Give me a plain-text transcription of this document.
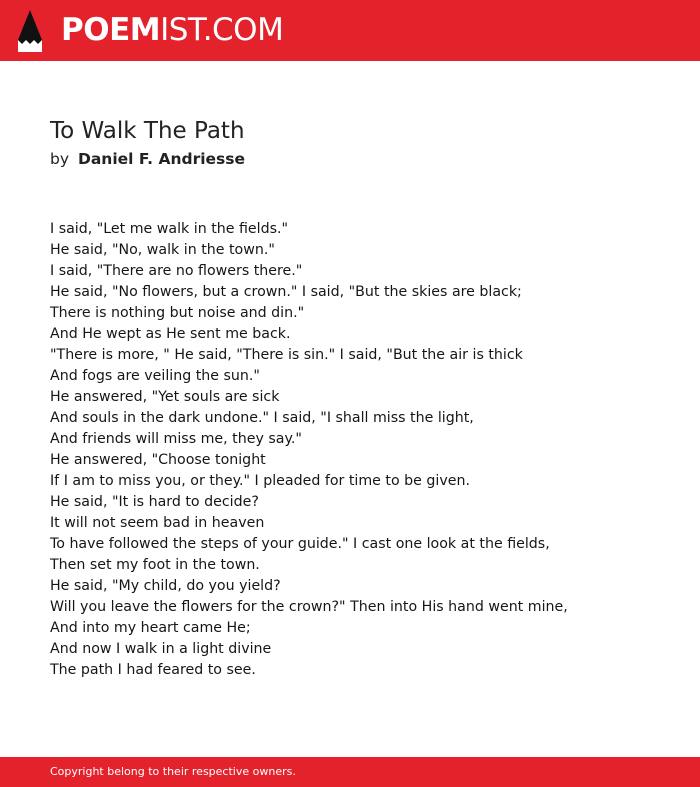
POEMIST.COM
To Walk The Path
by Daniel F. Andriesse
I said, "Let me walk in the fields."
He said, "No, walk in the town."
I said, "There are no flowers there."
He said, "No flowers, but a crown." I said, "But the skies are black;
There is nothing but noise and din."
And He wept as He sent me back.
"There is more, " He said, "There is sin." I said, "But the air is thick
And fogs are veiling the sun."
He answered, "Yet souls are sick
And souls in the dark undone." I said, "I shall miss the light,
And friends will miss me, they say."
He answered, "Choose tonight
If I am to miss you, or they." I pleaded for time to be given.
He said, "It is hard to decide?
It will not seem bad in heaven
To have followed the steps of your guide." I cast one look at the fields,
Then set my foot in the town.
He said, "My child, do you yield?
Will you leave the flowers for the crown?" Then into His hand went mine,
And into my heart came He;
And now I walk in a light divine
The path I had feared to see.
Copyright belong to their respective owners.
